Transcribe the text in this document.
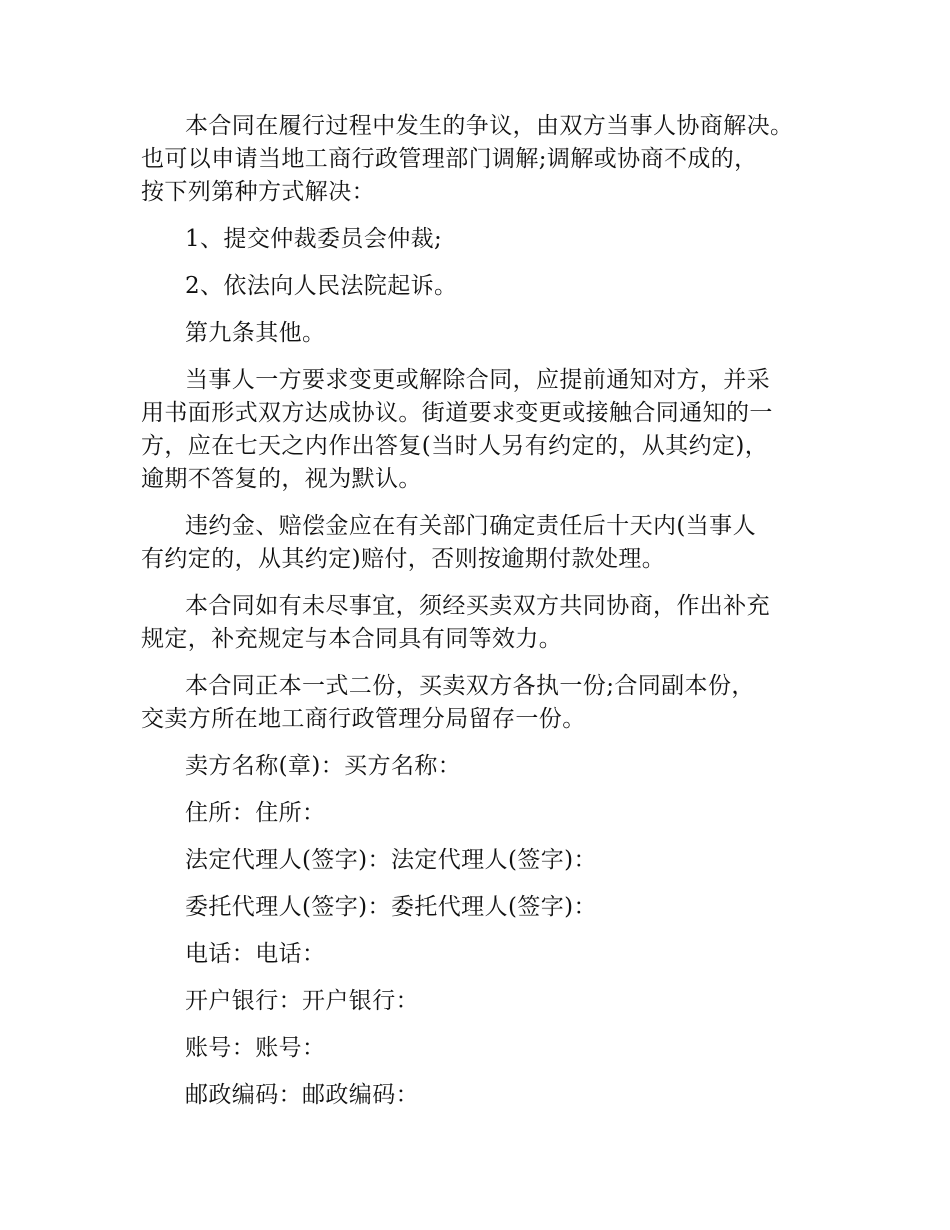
本合同在履行过程中发生的争议，由双方当事人协商解决。
也可以申请当地工商行政管理部门调解;调解或协商不成的，
按下列第种方式解决：

1、提交仲裁委员会仲裁;

2、依法向人民法院起诉。

第九条其他。

当事人一方要求变更或解除合同，应提前通知对方，并采
用书面形式双方达成协议。街道要求变更或接触合同通知的一
方，应在七天之内作出答复(当时人另有约定的，从其约定)，
逾期不答复的，视为默认。

违约金、赔偿金应在有关部门确定责任后十天内(当事人
有约定的，从其约定)赔付，否则按逾期付款处理。

本合同如有未尽事宜，须经买卖双方共同协商，作出补充
规定，补充规定与本合同具有同等效力。

本合同正本一式二份，买卖双方各执一份;合同副本份，
交卖方所在地工商行政管理分局留存一份。

卖方名称(章)：买方名称：

住所：住所：

法定代理人(签字)：法定代理人(签字)：

委托代理人(签字)：委托代理人(签字)：

电话：电话：

开户银行：开户银行：

账号：账号：

邮政编码：邮政编码：
